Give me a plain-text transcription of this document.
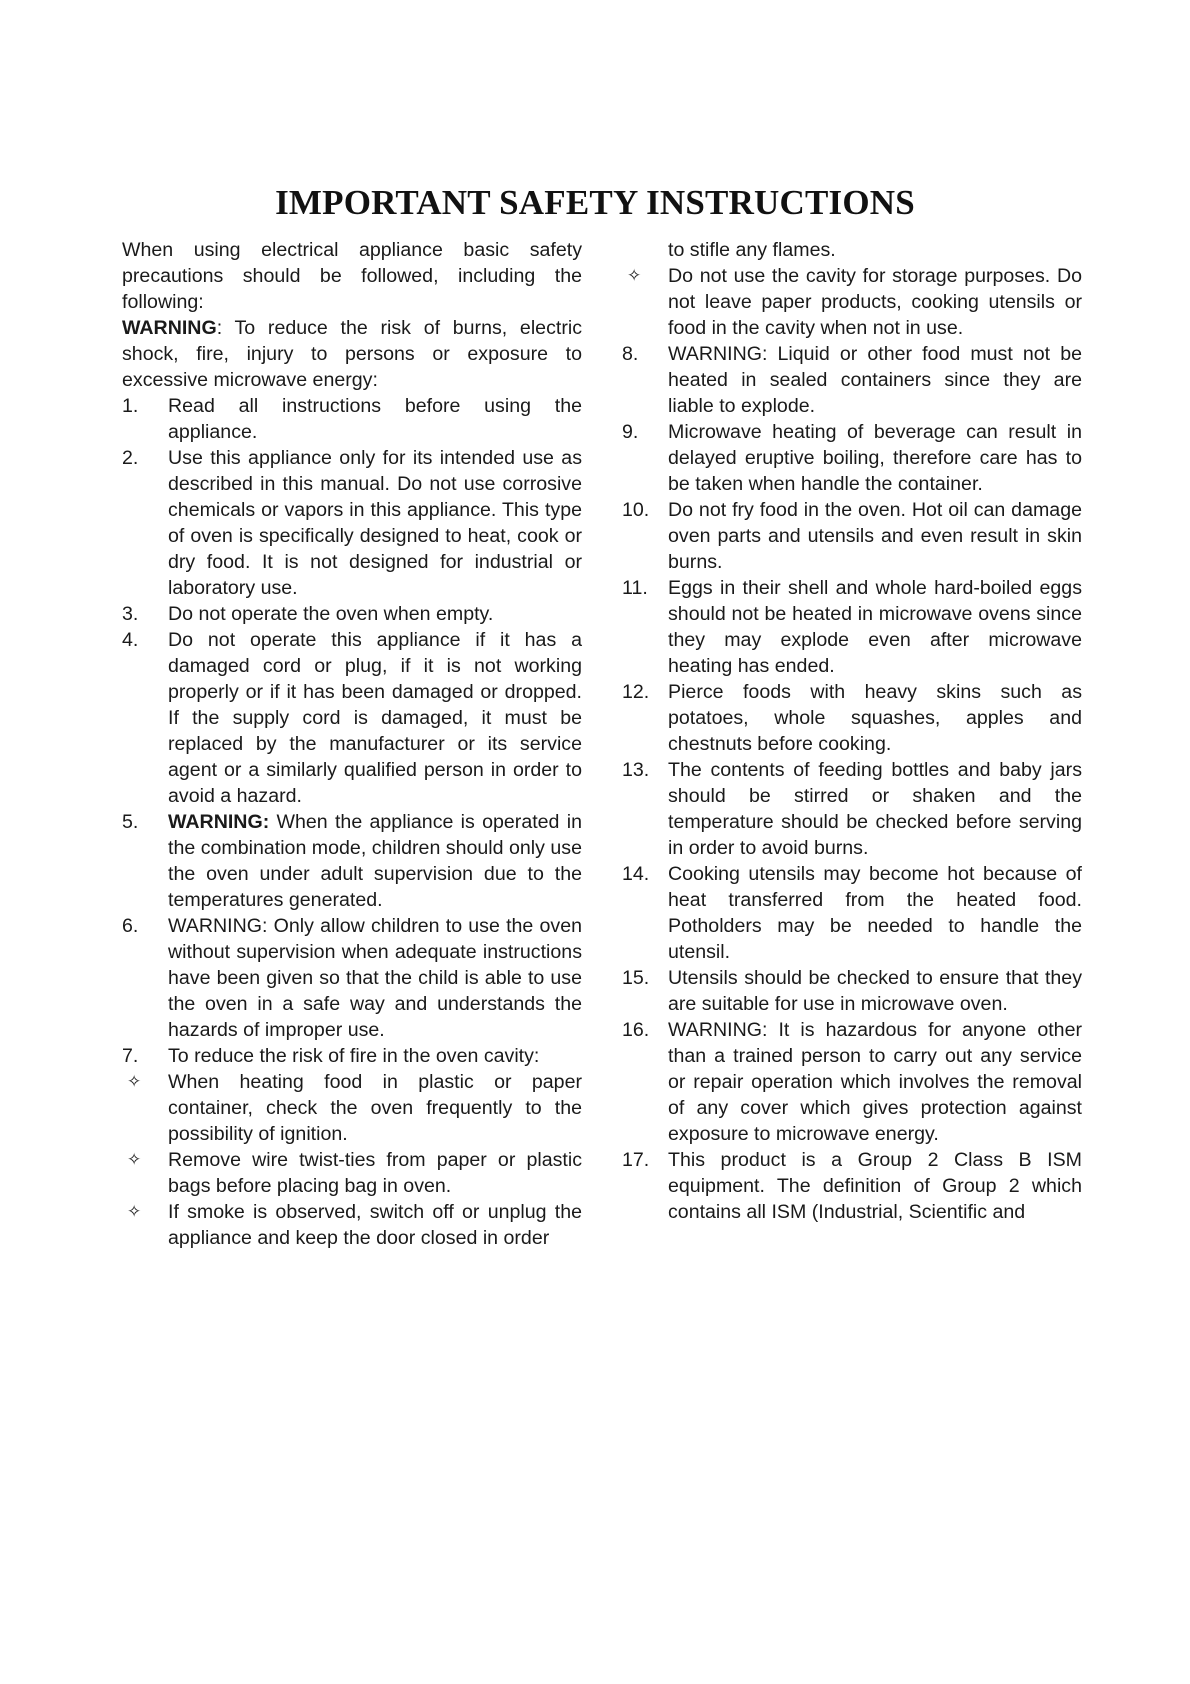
IMPORTANT SAFETY INSTRUCTIONS

When using electrical appliance basic safety precautions should be followed, including the following:

WARNING: To reduce the risk of burns, electric shock, fire, injury to persons or exposure to excessive microwave energy:

1.	Read all instructions before using the appliance.
2.	Use this appliance only for its intended use as described in this manual. Do not use corrosive chemicals or vapors in this appliance. This type of oven is specifically designed to heat, cook or dry food. It is not designed for industrial or laboratory use.
3.	Do not operate the oven when empty.
4.	Do not operate this appliance if it has a damaged cord or plug, if it is not working properly or if it has been damaged or dropped. If the supply cord is damaged, it must be replaced by the manufacturer or its service agent or a similarly qualified person in order to avoid a hazard.
5.	WARNING: When the appliance is operated in the combination mode, children should only use the oven under adult supervision due to the temperatures generated.
6.	WARNING: Only allow children to use the oven without supervision when adequate instructions have been given so that the child is able to use the oven in a safe way and understands the hazards of improper use.
7.	To reduce the risk of fire in the oven cavity:
✧ When heating food in plastic or paper container, check the oven frequently to the possibility of ignition.
✧ Remove wire twist-ties from paper or plastic bags before placing bag in oven.
✧ If smoke is observed, switch off or unplug the appliance and keep the door closed in order
to stifle any flames.
✧ Do not use the cavity for storage purposes. Do not leave paper products, cooking utensils or food in the cavity when not in use.
8.	WARNING: Liquid or other food must not be heated in sealed containers since they are liable to explode.
9.	Microwave heating of beverage can result in delayed eruptive boiling, therefore care has to be taken when handle the container.
10. Do not fry food in the oven. Hot oil can damage oven parts and utensils and even result in skin burns.
11.	Eggs in their shell and whole hard-boiled eggs should not be heated in microwave ovens since they may explode even after microwave heating has ended.
12. Pierce foods with heavy skins such as potatoes, whole squashes, apples and chestnuts before cooking.
13. The contents of feeding bottles and baby jars should be stirred or shaken and the temperature should be checked before serving in order to avoid burns.
14. Cooking utensils may become hot because of heat transferred from the heated food. Potholders may be needed to handle the utensil.
15. Utensils should be checked to ensure that they are suitable for use in microwave oven.
16. WARNING: It is hazardous for anyone other than a trained person to carry out any service or repair operation which involves the removal of any cover which gives protection against exposure to microwave energy.
17. This product is a Group 2 Class B ISM equipment. The definition of Group 2 which contains all ISM (Industrial, Scientific and
